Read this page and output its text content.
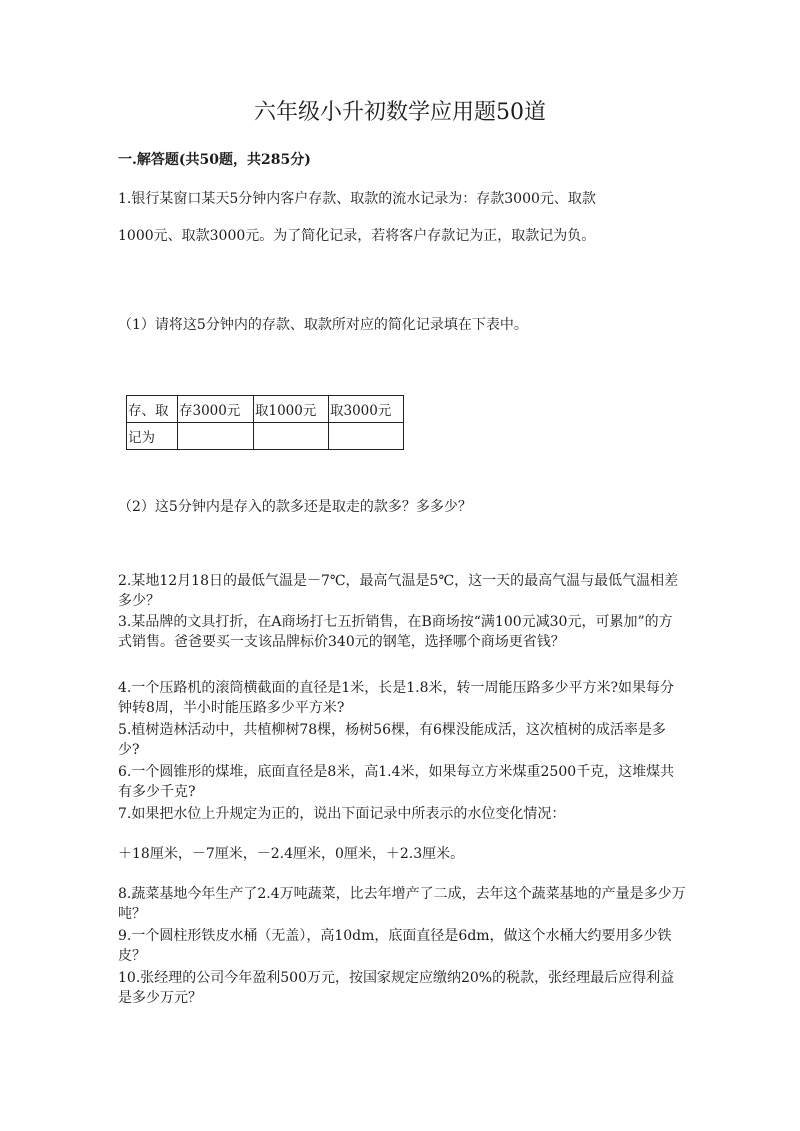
六年级小升初数学应用题50道
一.解答题(共50题，共285分)
1.银行某窗口某天5分钟内客户存款、取款的流水记录为：存款3000元、取款
1000元、取款3000元。为了简化记录，若将客户存款记为正，取款记为负。
（1）请将这5分钟内的存款、取款所对应的简化记录填在下表中。
存、取	存3000元	取1000元	取3000元
记为			
（2）这5分钟内是存入的款多还是取走的款多？多多少？
2.某地12月18日的最低气温是－7℃，最高气温是5℃，这一天的最高气温与最低气温相差多少？
3.某品牌的文具打折，在A商场打七五折销售，在B商场按“满100元减30元，可累加”的方式销售。爸爸要买一支该品牌标价340元的钢笔，选择哪个商场更省钱？
4.一个压路机的滚筒横截面的直径是1米，长是1.8米，转一周能压路多少平方米?如果每分钟转8周，半小时能压路多少平方米?
5.植树造林活动中，共植柳树78棵，杨树56棵，有6棵没能成活，这次植树的成活率是多少?
6.一个圆锥形的煤堆，底面直径是8米，高1.4米，如果每立方米煤重2500千克，这堆煤共有多少千克?
7.如果把水位上升规定为正的，说出下面记录中所表示的水位变化情况：
＋18厘米，－7厘米，－2.4厘米，0厘米，＋2.3厘米。
8.蔬菜基地今年生产了2.4万吨蔬菜，比去年增产了二成，去年这个蔬菜基地的产量是多少万吨？
9.一个圆柱形铁皮水桶（无盖），高10dm，底面直径是6dm，做这个水桶大约要用多少铁皮？
10.张经理的公司今年盈利500万元，按国家规定应缴纳20%的税款，张经理最后应得利益是多少万元？
